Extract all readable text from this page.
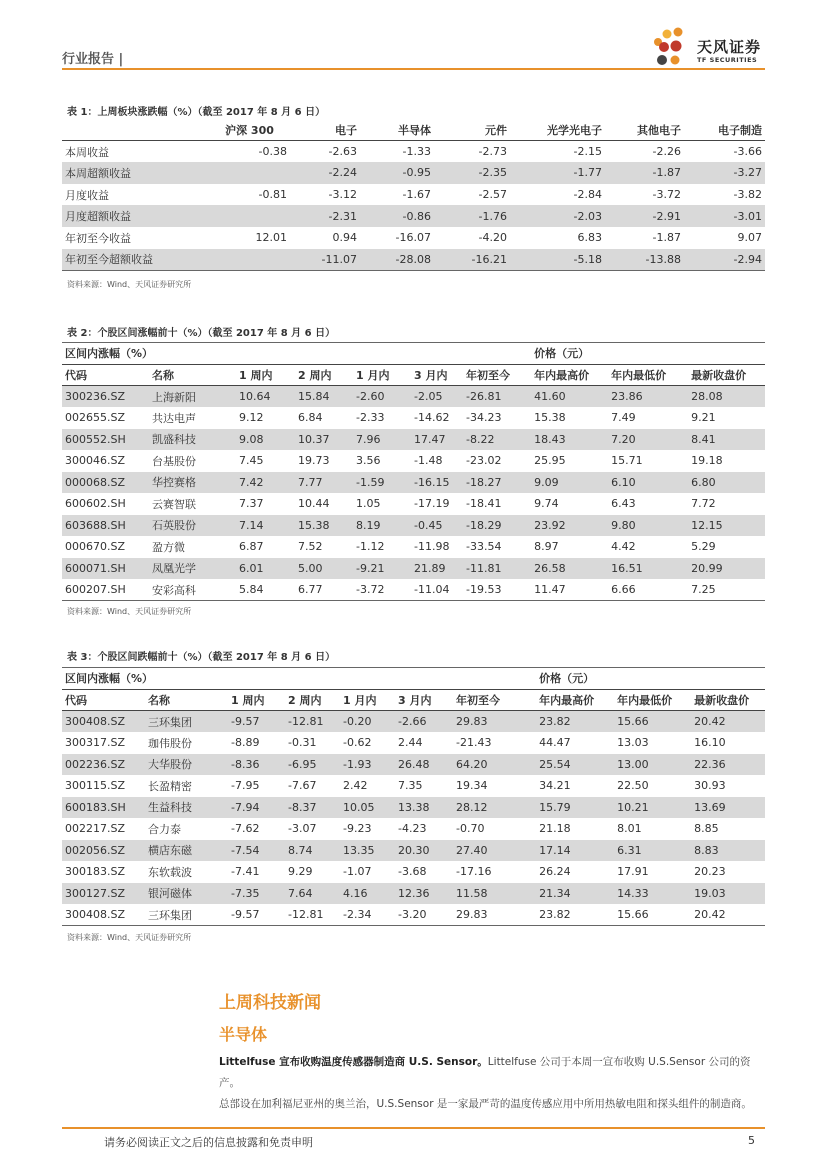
行业报告 |
天风证券
TF SECURITIES
表 1：上周板块涨跌幅（%）（截至 2017 年 8 月 6 日）
	沪深 300	电子	半导体	元件	光学光电子	其他电子	电子制造
本周收益	-0.38	-2.63	-1.33	-2.73	-2.15	-2.26	-3.66
本周超额收益		-2.24	-0.95	-2.35	-1.77	-1.87	-3.27
月度收益	-0.81	-3.12	-1.67	-2.57	-2.84	-3.72	-3.82
月度超额收益		-2.31	-0.86	-1.76	-2.03	-2.91	-3.01
年初至今收益	12.01	0.94	-16.07	-4.20	6.83	-1.87	9.07
年初至今超额收益		-11.07	-28.08	-16.21	-5.18	-13.88	-2.94
资料来源：Wind、天风证券研究所
表 2：个股区间涨幅前十（%）（截至 2017 年 8 月 6 日）
区间内涨幅（%）							价格（元）		
代码	名称	1 周内	2 周内	1 月内	3 月内	年初至今	年内最高价	年内最低价	最新收盘价
300236.SZ	上海新阳	10.64	15.84	-2.60	-2.05	-26.81	41.60	23.86	28.08
002655.SZ	共达电声	9.12	6.84	-2.33	-14.62	-34.23	15.38	7.49	9.21
600552.SH	凯盛科技	9.08	10.37	7.96	17.47	-8.22	18.43	7.20	8.41
300046.SZ	台基股份	7.45	19.73	3.56	-1.48	-23.02	25.95	15.71	19.18
000068.SZ	华控赛格	7.42	7.77	-1.59	-16.15	-18.27	9.09	6.10	6.80
600602.SH	云赛智联	7.37	10.44	1.05	-17.19	-18.41	9.74	6.43	7.72
603688.SH	石英股份	7.14	15.38	8.19	-0.45	-18.29	23.92	9.80	12.15
000670.SZ	盈方微	6.87	7.52	-1.12	-11.98	-33.54	8.97	4.42	5.29
600071.SH	凤凰光学	6.01	5.00	-9.21	21.89	-11.81	26.58	16.51	20.99
600207.SH	安彩高科	5.84	6.77	-3.72	-11.04	-19.53	11.47	6.66	7.25
资料来源：Wind、天风证券研究所
表 3：个股区间跌幅前十（%）（截至 2017 年 8 月 6 日）
区间内涨幅（%）							价格（元）		
代码	名称	1 周内	2 周内	1 月内	3 月内	年初至今	年内最高价	年内最低价	最新收盘价
300408.SZ	三环集团	-9.57	-12.81	-0.20	-2.66	29.83	23.82	15.66	20.42
300317.SZ	珈伟股份	-8.89	-0.31	-0.62	2.44	-21.43	44.47	13.03	16.10
002236.SZ	大华股份	-8.36	-6.95	-1.93	26.48	64.20	25.54	13.00	22.36
300115.SZ	长盈精密	-7.95	-7.67	2.42	7.35	19.34	34.21	22.50	30.93
600183.SH	生益科技	-7.94	-8.37	10.05	13.38	28.12	15.79	10.21	13.69
002217.SZ	合力泰	-7.62	-3.07	-9.23	-4.23	-0.70	21.18	8.01	8.85
002056.SZ	横店东磁	-7.54	8.74	13.35	20.30	27.40	17.14	6.31	8.83
300183.SZ	东软载波	-7.41	9.29	-1.07	-3.68	-17.16	26.24	17.91	20.23
300127.SZ	银河磁体	-7.35	7.64	4.16	12.36	11.58	21.34	14.33	19.03
300408.SZ	三环集团	-9.57	-12.81	-2.34	-3.20	29.83	23.82	15.66	20.42
资料来源：Wind、天风证券研究所
上周科技新闻
半导体
Littelfuse 宣布收购温度传感器制造商 U.S. Sensor。Littelfuse 公司于本周一宣布收购 U.S.Sensor 公司的资产。
总部设在加利福尼亚州的奥兰治，U.S.Sensor 是一家最严苛的温度传感应用中所用热敏电阻和探头组件的制造商。
请务必阅读正文之后的信息披露和免责申明	5
